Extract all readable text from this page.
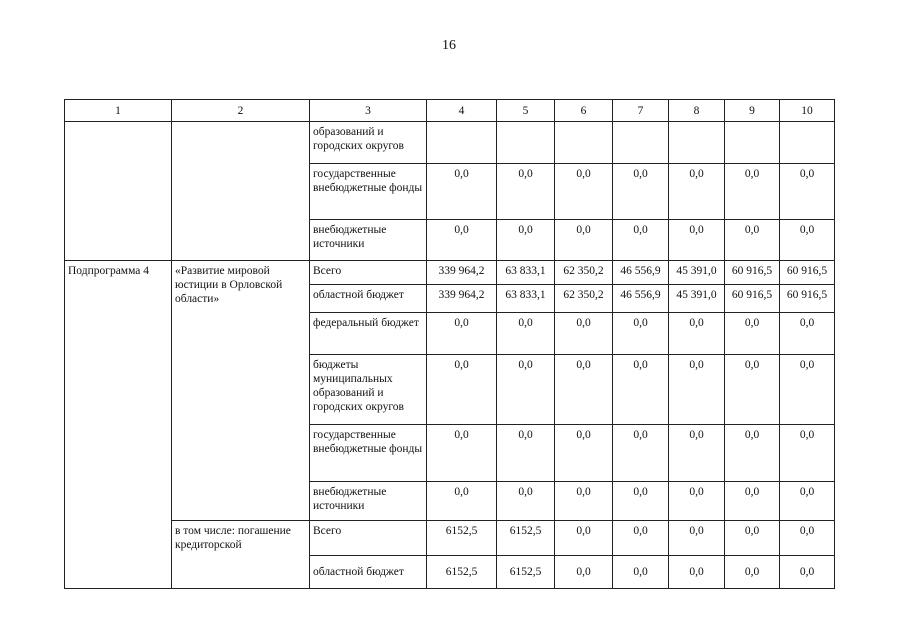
16
1	2	3	4	5	6	7	8	9	10
		образований и городских округов							
		государственные внебюджетные фонды	0,0	0,0	0,0	0,0	0,0	0,0	0,0
		внебюджетные источники	0,0	0,0	0,0	0,0	0,0	0,0	0,0
Подпрограмма 4	«Развитие мировой юстиции в Орловской области»	Всего	339 964,2	63 833,1	62 350,2	46 556,9	45 391,0	60 916,5	60 916,5
		областной бюджет	339 964,2	63 833,1	62 350,2	46 556,9	45 391,0	60 916,5	60 916,5
		федеральный бюджет	0,0	0,0	0,0	0,0	0,0	0,0	0,0
		бюджеты муниципальных образований и городских округов	0,0	0,0	0,0	0,0	0,0	0,0	0,0
		государственные внебюджетные фонды	0,0	0,0	0,0	0,0	0,0	0,0	0,0
		внебюджетные источники	0,0	0,0	0,0	0,0	0,0	0,0	0,0
	в том числе: погашение кредиторской	Всего	6152,5	6152,5	0,0	0,0	0,0	0,0	0,0
		областной бюджет	6152,5	6152,5	0,0	0,0	0,0	0,0	0,0
